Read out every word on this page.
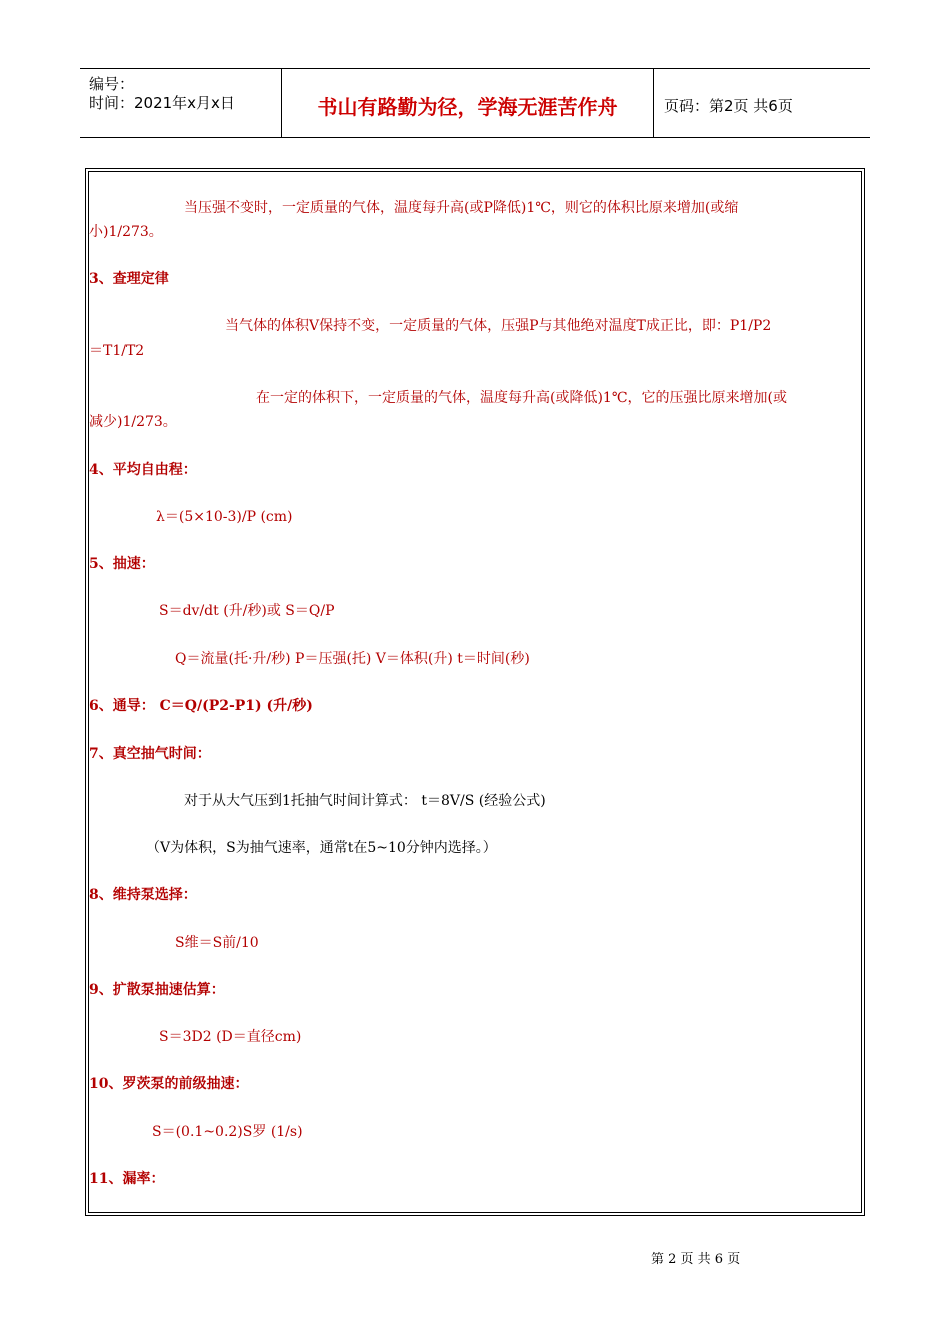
编号：
时间：2021年x月x日	书山有路勤为径，学海无涯苦作舟	页码：第2页 共6页
当压强不变时，一定质量的气体，温度每升高(或P降低)1℃，则它的体积比原来增加(或缩
小)1/273。
3、查理定律
当气体的体积V保持不变，一定质量的气体，压强P与其他绝对温度T成正比，即：P1/P2
＝T1/T2
在一定的体积下，一定质量的气体，温度每升高(或降低)1℃，它的压强比原来增加(或
减少)1/273。
4、平均自由程：
λ＝(5×10-3)/P (cm)
5、抽速：
S＝dv/dt (升/秒)或 S＝Q/P
Q＝流量(托·升/秒) P＝压强(托) V＝体积(升) t＝时间(秒)
6、通导： C＝Q/(P2-P1) (升/秒)
7、真空抽气时间：
对于从大气压到1托抽气时间计算式： t＝8V/S (经验公式)
（V为体积，S为抽气速率，通常t在5~10分钟内选择。）
8、维持泵选择：
S维＝S前/10
9、扩散泵抽速估算：
S＝3D2 (D＝直径cm)
10、罗茨泵的前级抽速：
S＝(0.1~0.2)S罗 (1/s)
11、漏率：
第 2 页 共 6 页
